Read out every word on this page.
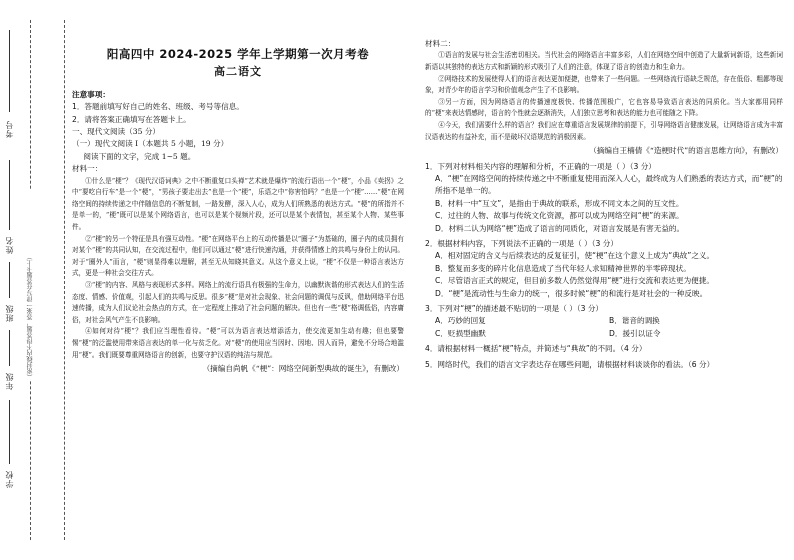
考号
姓名
班级
年级
学校
（密封线内不得答题，答案一律写在答题卡上）
阳高四中 2024-2025 学年上学期第一次月考卷
高二语文

注意事项：

1．答题前填写好自己的姓名、班级、考号等信息。

2．请将答案正确填写在答题卡上。

一、现代文阅读（35 分）

（一）现代文阅读 I（本题共 5 小题，19 分）

阅读下面的文字，完成 1~5 题。

材料一：

①什么是“梗”？《现代汉语词典》之中不断重复口头禅“艺术就是爆炸”的流行语出一个“梗”，小品《卖拐》之中“要吃自行车”是一个“梗”，“男孩子要走出去”也是一个“梗”，乐语之中“你害怕吗？”也是一个“梗”……“梗”在网络空间的持续传递之中伴随信息的不断复制，一路发酵，深入人心，成为人们所熟悉的表达方式。“梗”的所指并不是单一的，“梗”既可以是某个网络语言，也可以是某个视频片段，还可以是某个表情包，甚至某个人物、某些事件。

②“梗”的另一个特征是具有强互动性。“梗”在网络平台上的互动传播是以“圈子”为基础的，圈子内的成员拥有对某个“梗”的共同认知，在交流过程中，他们可以通过“梗”进行快速沟通，并获得情感上的共鸣与身份上的认同。对于“圈外人”而言，“梗”则显得难以理解，甚至无从知晓其意义。从这个意义上说，“梗”不仅是一种语言表达方式，更是一种社会交往方式。

③“梗”的内容、风格与表现形式多样。网络上的流行语具有极强的生命力，以幽默诙谐的形式表达人们的生活态度、情感、价值观，引起人们的共鸣与反思。很多“梗”是对社会现象、社会问题的调侃与反讽，借助网络平台迅速传播，成为人们议论社会热点的方式，在一定程度上推动了社会问题的解决。但也有一些“梗”格调低俗，内容庸俗，对社会风气产生不良影响。

④如何对待“梗”？我们应当理性看待。“梗”可以为语言表达增添活力，使交流更加生动有趣；但也要警惕“梗”的泛滥使用带来语言表达的单一化与贫乏化。对“梗”的使用应当因时、因地、因人而异，避免不分场合地滥用“梗”。我们既要尊重网络语言的创新，也要守护汉语的纯洁与规范。

（摘编自尚帆《“梗”：网络空间新型典故的诞生》，有删改）

材料二：

①语言的发展与社会生活密切相关。当代社会的网络语言丰富多彩，人们在网络空间中创造了大量新词新语，这些新词新语以其独特的表达方式和新颖的形式吸引了人们的注意，体现了语言的创造力和生命力。

②网络技术的发展使得人们的语言表达更加便捷，也带来了一些问题。一些网络流行语缺乏规范，存在低俗、粗鄙等现象，对青少年的语言学习和价值观念产生了不良影响。

③另一方面，因为网络语言的传播速度极快、传播范围极广，它也容易导致语言表达的同质化。当大家都用同样的“梗”来表达情感时，语言的个性就会逐渐消失，人们独立思考和表达的能力也可能随之下降。

④今天，我们需要什么样的语言？我们应在尊重语言发展规律的前提下，引导网络语言健康发展，让网络语言成为丰富汉语表达的有益补充，而不是破坏汉语规范的消极因素。

（摘编自王楠倩《“造梗时代”的语言思维方向》，有删改）

1．下列对材料相关内容的理解和分析，不正确的一项是（ ）（3 分）

A．“梗”在网络空间的持续传递之中不断重复使用而深入人心，最终成为人们熟悉的表达方式，而“梗”的所指不是单一的。

B．材料一中“互文”，是指由于典故的联系，形成不同文本之间的互文性。

C．过往的人物、故事与传统文化资源，都可以成为网络空间“梗”的来源。

D．材料二认为网络“梗”造成了语言的同质化，对语言发展是有害无益的。

2．根据材料内容，下列说法不正确的一项是（ ）（3 分）

A．相对固定的含义与后续表达的反复征引，使“梗”在这个意义上成为“典故”之义。

B．整复而多变的碎片化信息造成了当代年轻人求知精神世界的半零碎现状。

C．尽管语言正式的规定，但目前多数人仍然觉得用“梗”进行交流和表达更为便捷。

D．“梗”是流动性与生命力的统一，很多时候“梗”的和流行是对社会的一种反映。

3．下列对“梗”的描述最不贴切的一项是（ ）（3 分）

A．巧妙的回复	B．谐音的调换
C．贬损型幽默	D．援引以证令

4．请根据材料一概括“梗”特点，并简述与“典故”的不同。（4 分）

5．网络时代，我们的语言文字表达存在哪些问题，请根据材料谈谈你的看法。（6 分）
